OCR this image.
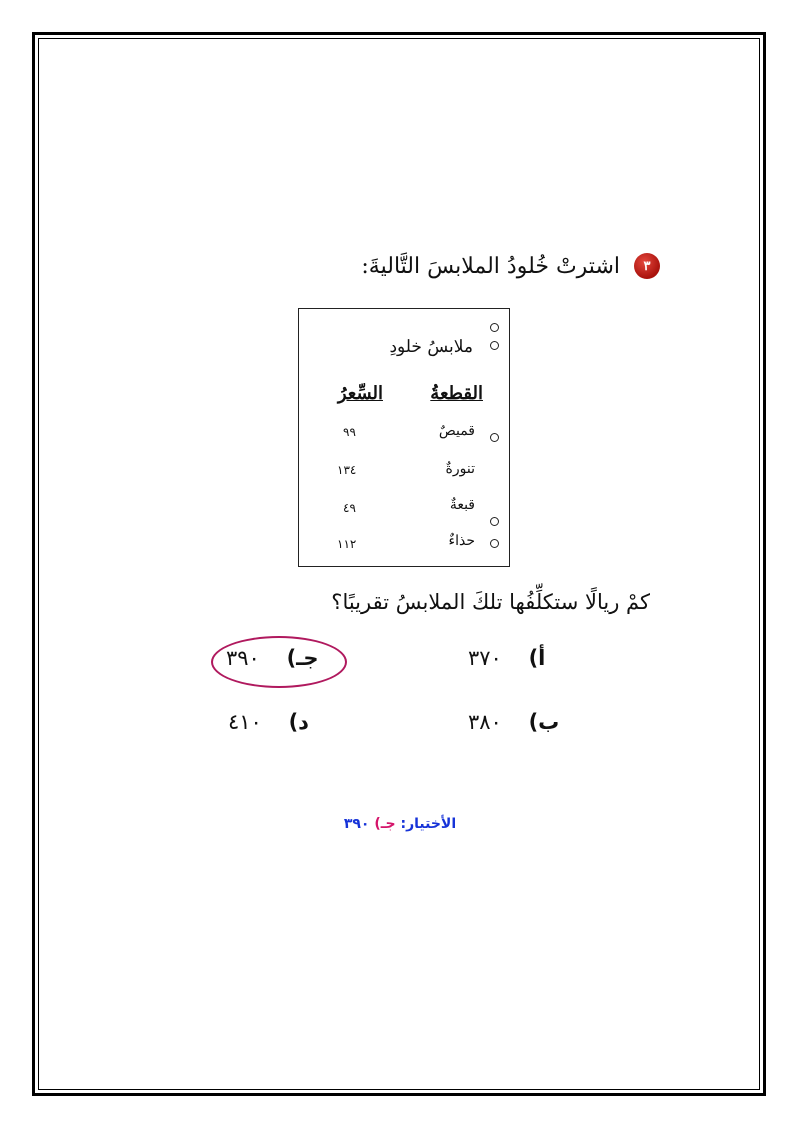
٣
اشترتْ خُلودُ الملابسَ التَّاليةَ:
ملابسُ خلودِ
القطعةُ
السِّعرُ
قميصٌ
٩٩
تنورةٌ
١٣٤
قبعةٌ
٤٩
حذاءٌ
١١٢
كمْ ريالًا ستكلِّفُها تلكَ الملابسُ تقريبًا؟
أ)    ٣٧٠
جـ)    ٣٩٠
ب)    ٣٨٠
د)    ٤١٠
الأختيار: جـ) ٣٩٠
